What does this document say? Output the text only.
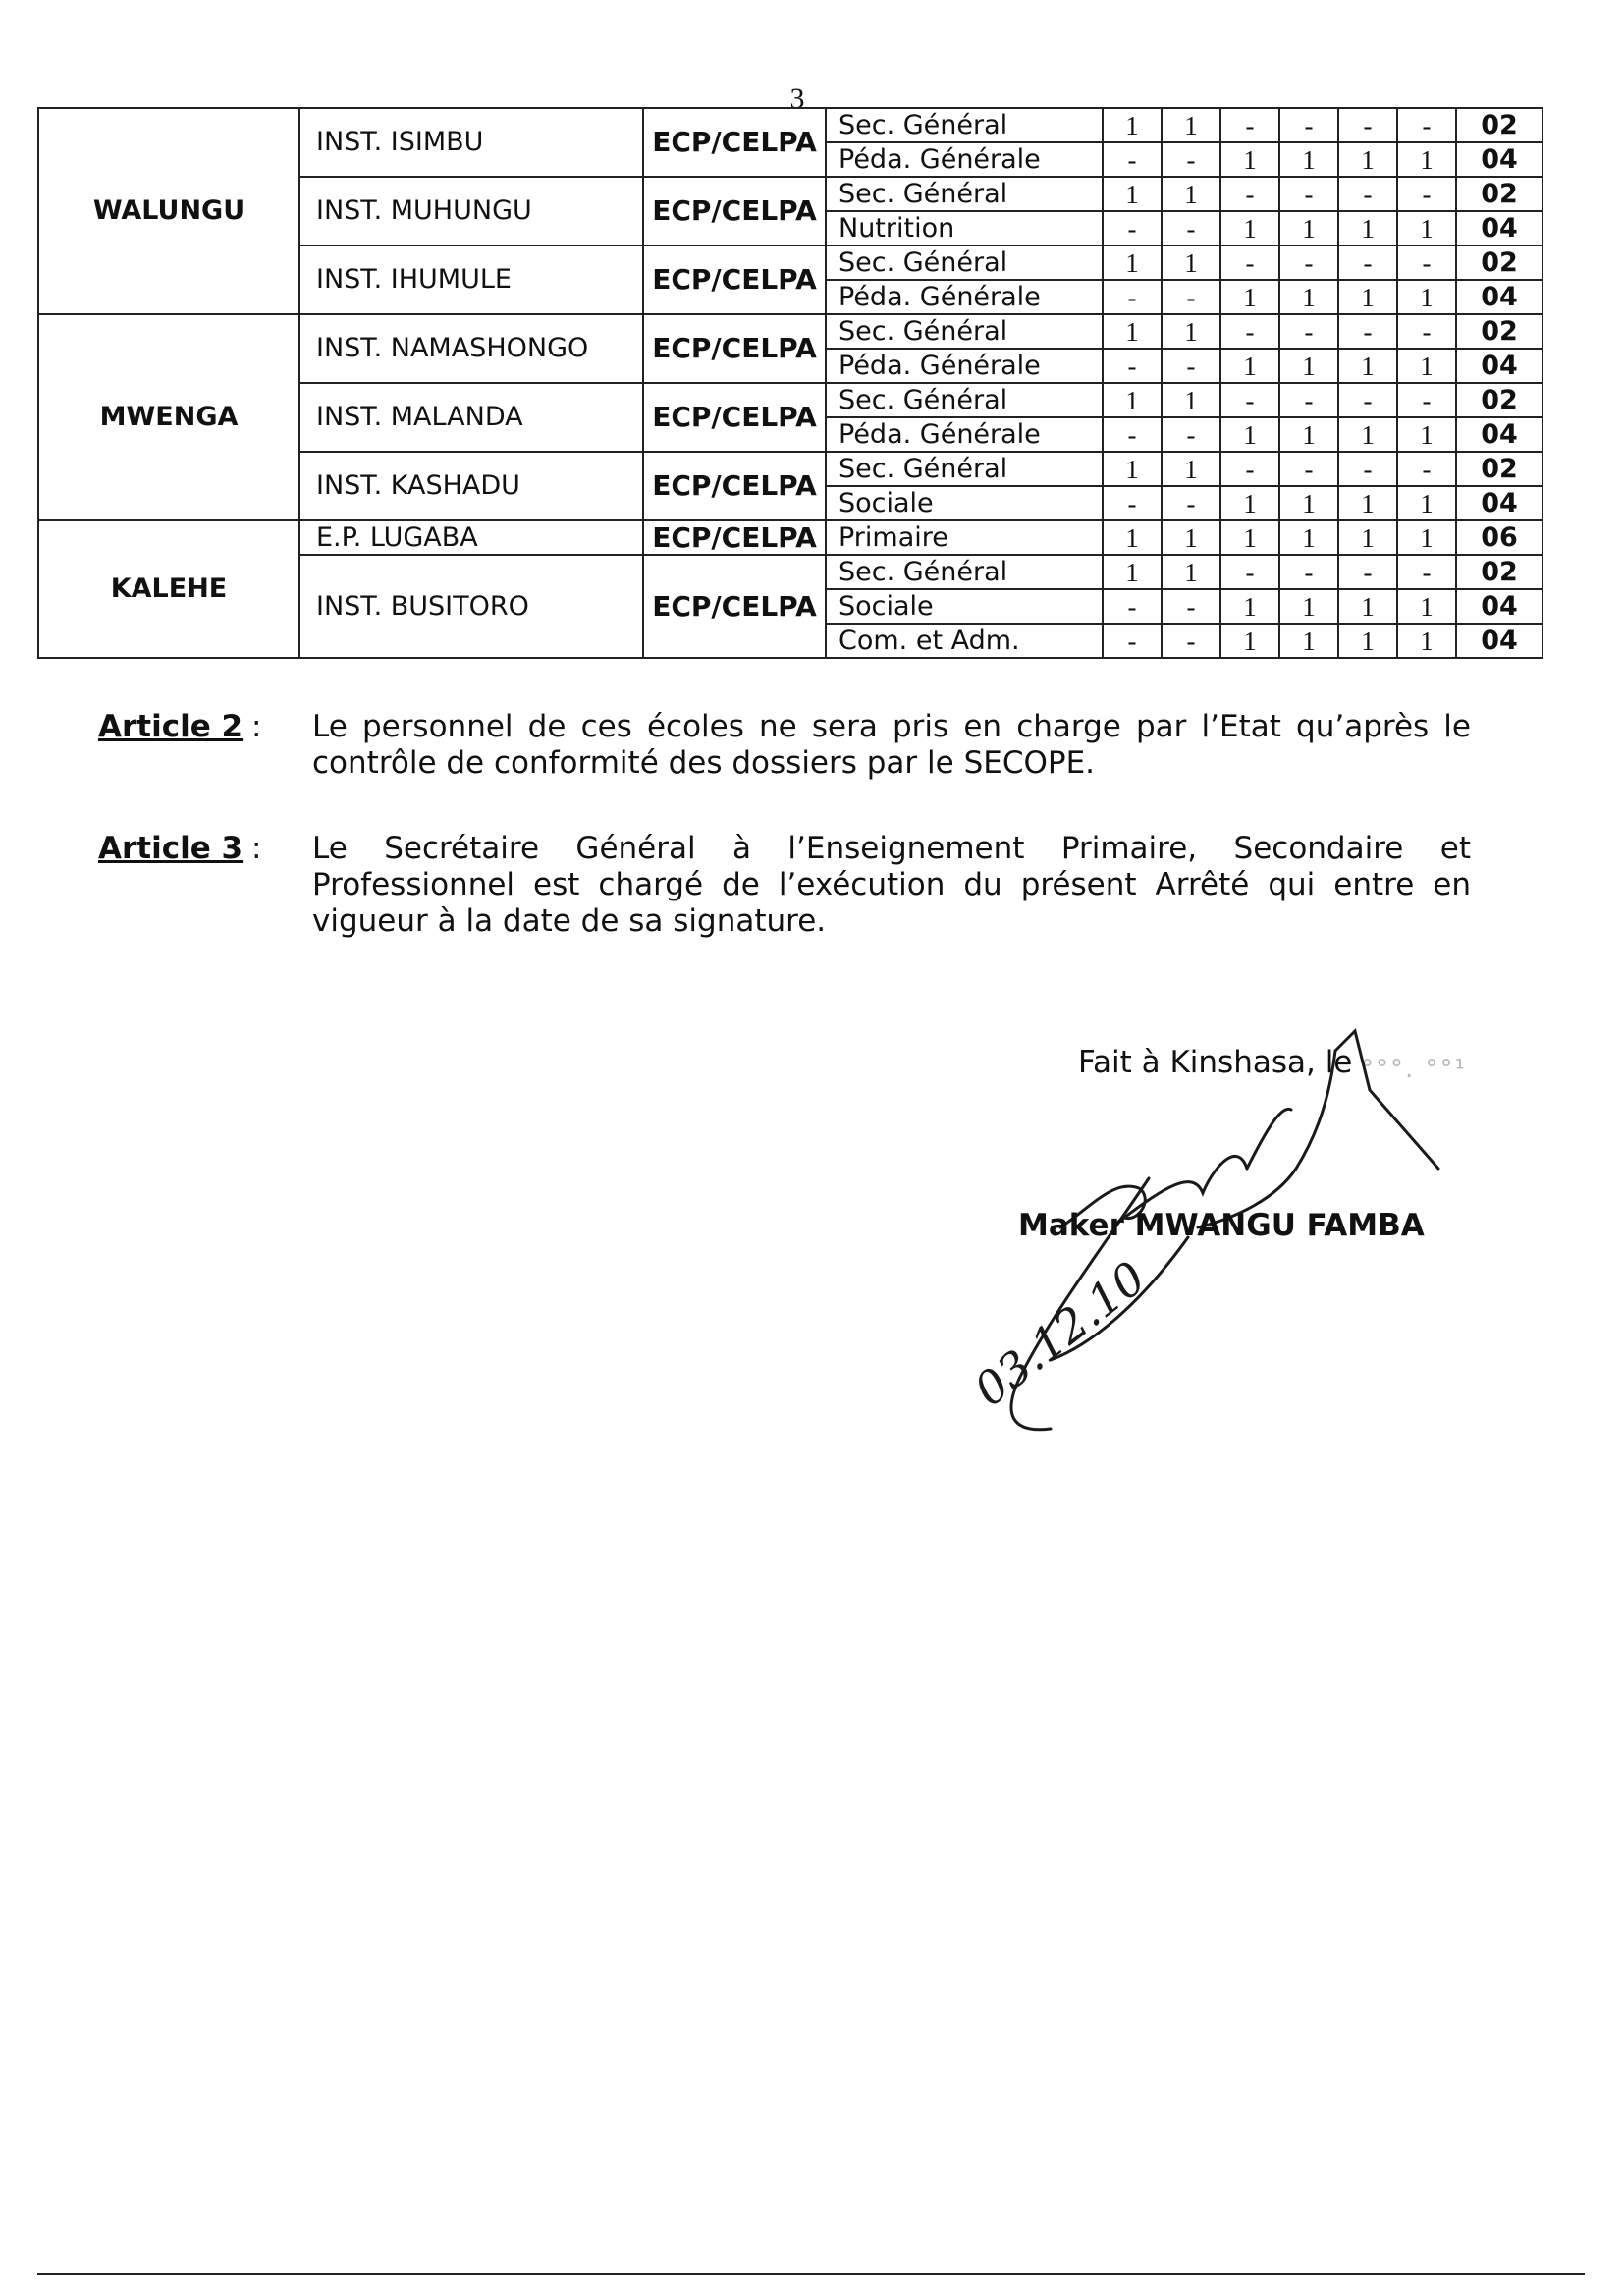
3
WALUNGU	INST. ISIMBU	ECP/CELPA	Sec. Général	1	1	-	-	-	-	02
			Péda. Générale	-	-	1	1	1	1	04
	INST. MUHUNGU	ECP/CELPA	Sec. Général	1	1	-	-	-	-	02
			Nutrition	-	-	1	1	1	1	04
	INST. IHUMULE	ECP/CELPA	Sec. Général	1	1	-	-	-	-	02
			Péda. Générale	-	-	1	1	1	1	04
MWENGA	INST. NAMASHONGO	ECP/CELPA	Sec. Général	1	1	-	-	-	-	02
			Péda. Générale	-	-	1	1	1	1	04
	INST. MALANDA	ECP/CELPA	Sec. Général	1	1	-	-	-	-	02
			Péda. Générale	-	-	1	1	1	1	04
	INST. KASHADU	ECP/CELPA	Sec. Général	1	1	-	-	-	-	02
			Sociale	-	-	1	1	1	1	04
KALEHE	E.P. LUGABA	ECP/CELPA	Primaire	1	1	1	1	1	1	06
	INST. BUSITORO	ECP/CELPA	Sec. Général	1	1	-	-	-	-	02
			Sociale	-	-	1	1	1	1	04
			Com. et Adm.	-	-	1	1	1	1	04
Article 2 : Le personnel de ces écoles ne sera pris en charge par l’Etat qu’après le contrôle de conformité des dossiers par le SECOPE.
Article 3 : Le Secrétaire Général à l’Enseignement Primaire, Secondaire et Professionnel est chargé de l’exécution du présent Arrêté qui entre en vigueur à la date de sa signature.
Fait à Kinshasa, le °°°. °°¹
Maker MWANGU FAMBA
03.12.10
